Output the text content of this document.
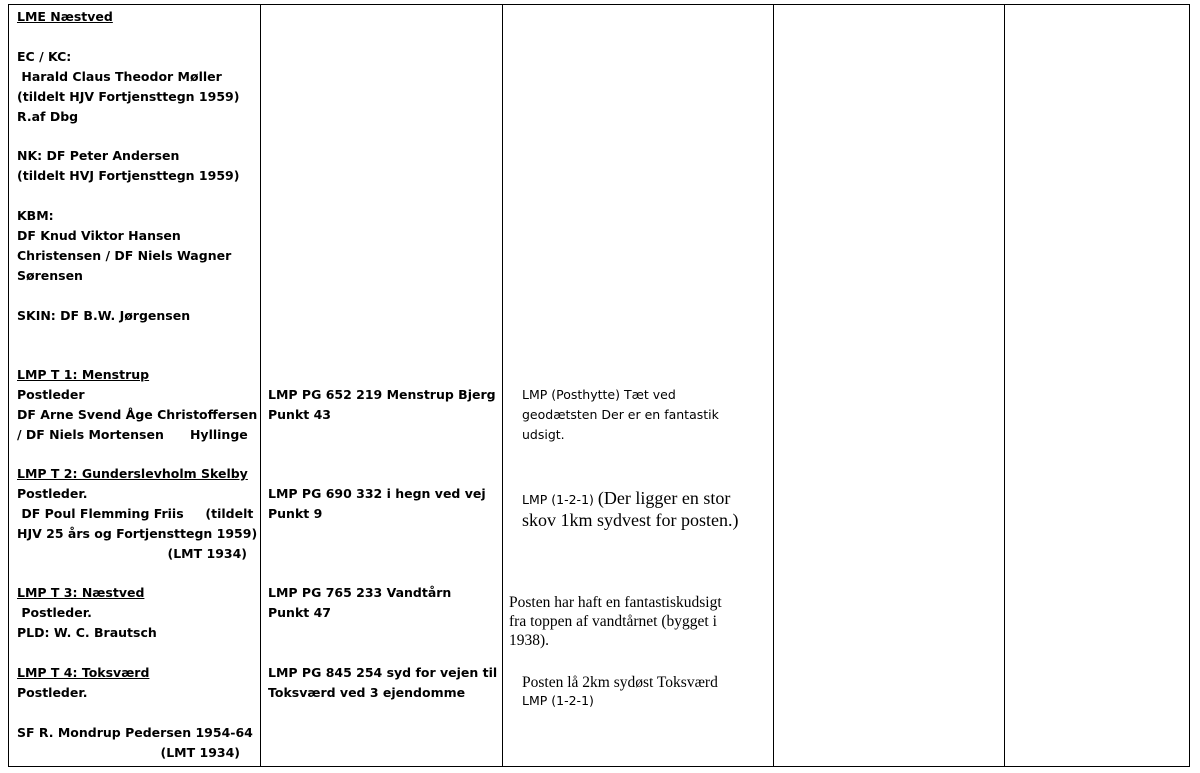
LME Næstved
EC / KC:
Harald Claus Theodor Møller
(tildelt HJV Fortjensttegn 1959)
R.af Dbg
NK: DF Peter Andersen
(tildelt HVJ Fortjensttegn 1959)
KBM:
DF Knud Viktor Hansen
Christensen / DF Niels Wagner
Sørensen
SKIN: DF B.W. Jørgensen
LMP T 1: Menstrup
Postleder
DF Arne Svend Åge Christoffersen
/ DF Niels Mortensen      Hyllinge
LMP T 2: Gunderslevholm Skelby
Postleder.
DF Poul Flemming Friis     (tildelt
HJV 25 års og Fortjensttegn 1959)
(LMT 1934)
LMP T 3: Næstved
Postleder.
PLD: W. C. Brautsch
LMP T 4: Toksværd
Postleder.
SF R. Mondrup Pedersen 1954-64
(LMT 1934)
LMP PG 652 219 Menstrup Bjerg
Punkt 43
LMP PG 690 332 i hegn ved vej
Punkt 9
LMP PG 765 233 Vandtårn
Punkt 47
LMP PG 845 254 syd for vejen til
Toksværd ved 3 ejendomme
LMP (Posthytte) Tæt ved
geodætsten Der er en fantastik
udsigt.
LMP (1-2-1) (Der ligger en stor
skov 1km sydvest for posten.)
Posten har haft en fantastiskudsigt
fra toppen af vandtårnet (bygget i
1938).
Posten lå 2km sydøst Toksværd
LMP (1-2-1)
